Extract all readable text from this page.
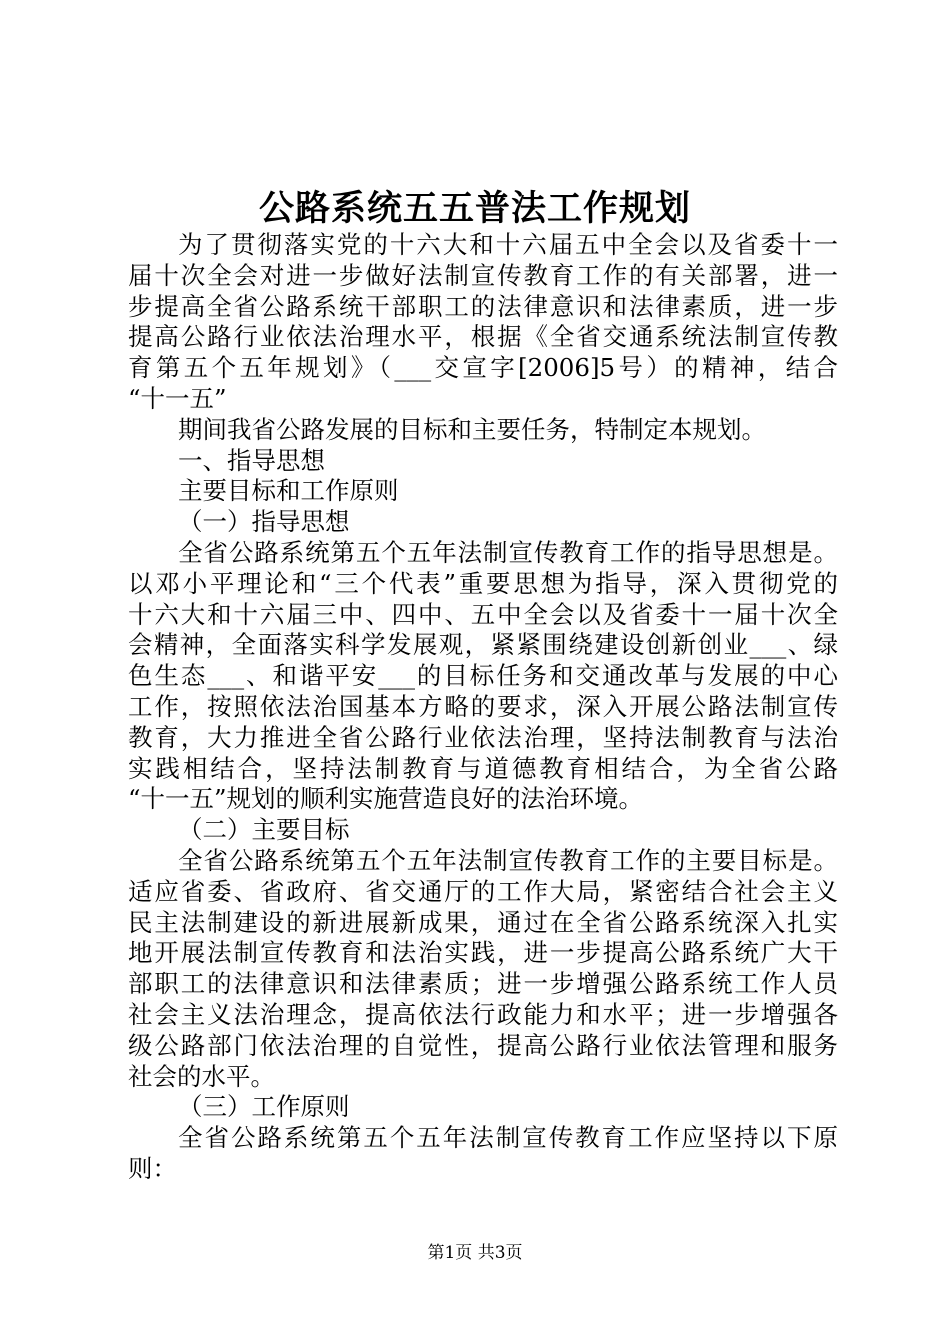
公路系统五五普法工作规划
为了贯彻落实党的十六大和十六届五中全会以及省委十一
届十次全会对进一步做好法制宣传教育工作的有关部署，进一
步提高全省公路系统干部职工的法律意识和法律素质，进一步
提高公路行业依法治理水平，根据《全省交通系统法制宣传教
育第五个五年规划》（___交宣字[2006]5号）的精神，结合
“十一五”
期间我省公路发展的目标和主要任务，特制定本规划。
一、指导思想
主要目标和工作原则
（一）指导思想
全省公路系统第五个五年法制宣传教育工作的指导思想是。
以邓小平理论和“三个代表”重要思想为指导，深入贯彻党的
十六大和十六届三中、四中、五中全会以及省委十一届十次全
会精神，全面落实科学发展观，紧紧围绕建设创新创业___、绿
色生态___、和谐平安___的目标任务和交通改革与发展的中心
工作，按照依法治国基本方略的要求，深入开展公路法制宣传
教育，大力推进全省公路行业依法治理，坚持法制教育与法治
实践相结合，坚持法制教育与道德教育相结合，为全省公路
“十一五”规划的顺利实施营造良好的法治环境。
（二）主要目标
全省公路系统第五个五年法制宣传教育工作的主要目标是。
适应省委、省政府、省交通厅的工作大局，紧密结合社会主义
民主法制建设的新进展新成果，通过在全省公路系统深入扎实
地开展法制宣传教育和法治实践，进一步提高公路系统广大干
部职工的法律意识和法律素质；进一步增强公路系统工作人员
社会主义法治理念，提高依法行政能力和水平；进一步增强各
级公路部门依法治理的自觉性，提高公路行业依法管理和服务
社会的水平。
（三）工作原则
全省公路系统第五个五年法制宣传教育工作应坚持以下原
则：
第1页 共3页
